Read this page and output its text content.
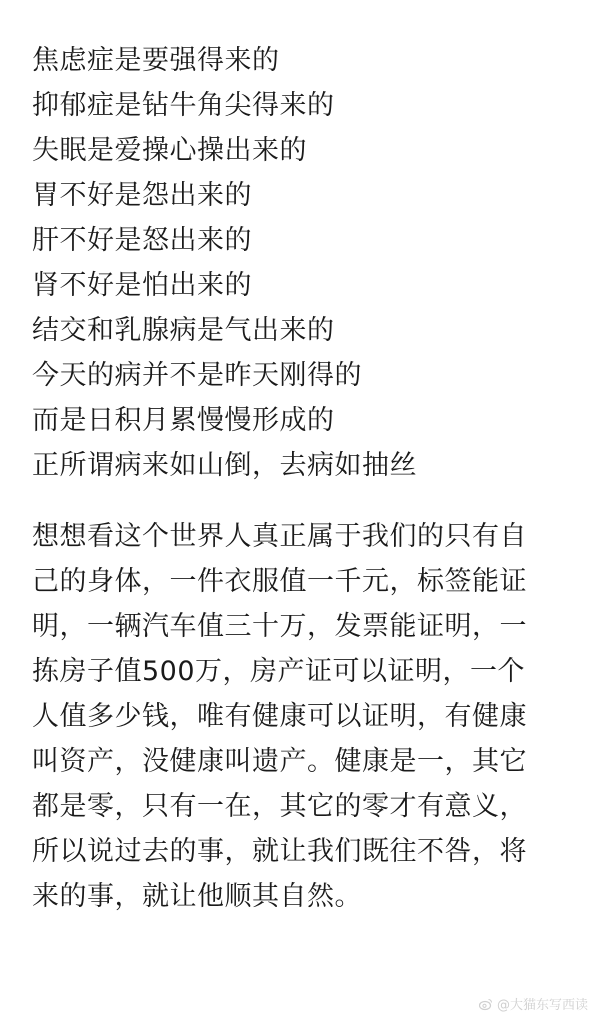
焦虑症是要强得来的
抑郁症是钻牛角尖得来的
失眠是爱操心操出来的
胃不好是怨出来的
肝不好是怒出来的
肾不好是怕出来的
结交和乳腺病是气出来的
今天的病并不是昨天刚得的
而是日积月累慢慢形成的
正所谓病来如山倒，去病如抽丝
想想看这个世界人真正属于我们的只有自
己的身体，一件衣服值一千元，标签能证
明，一辆汽车值三十万，发票能证明，一
拣房子值500万，房产证可以证明，一个
人值多少钱，唯有健康可以证明，有健康
叫资产，没健康叫遗产。健康是一，其它
都是零，只有一在，其它的零才有意义，
所以说过去的事，就让我们既往不咎，将
来的事，就让他顺其自然。
@大猫东写西读
